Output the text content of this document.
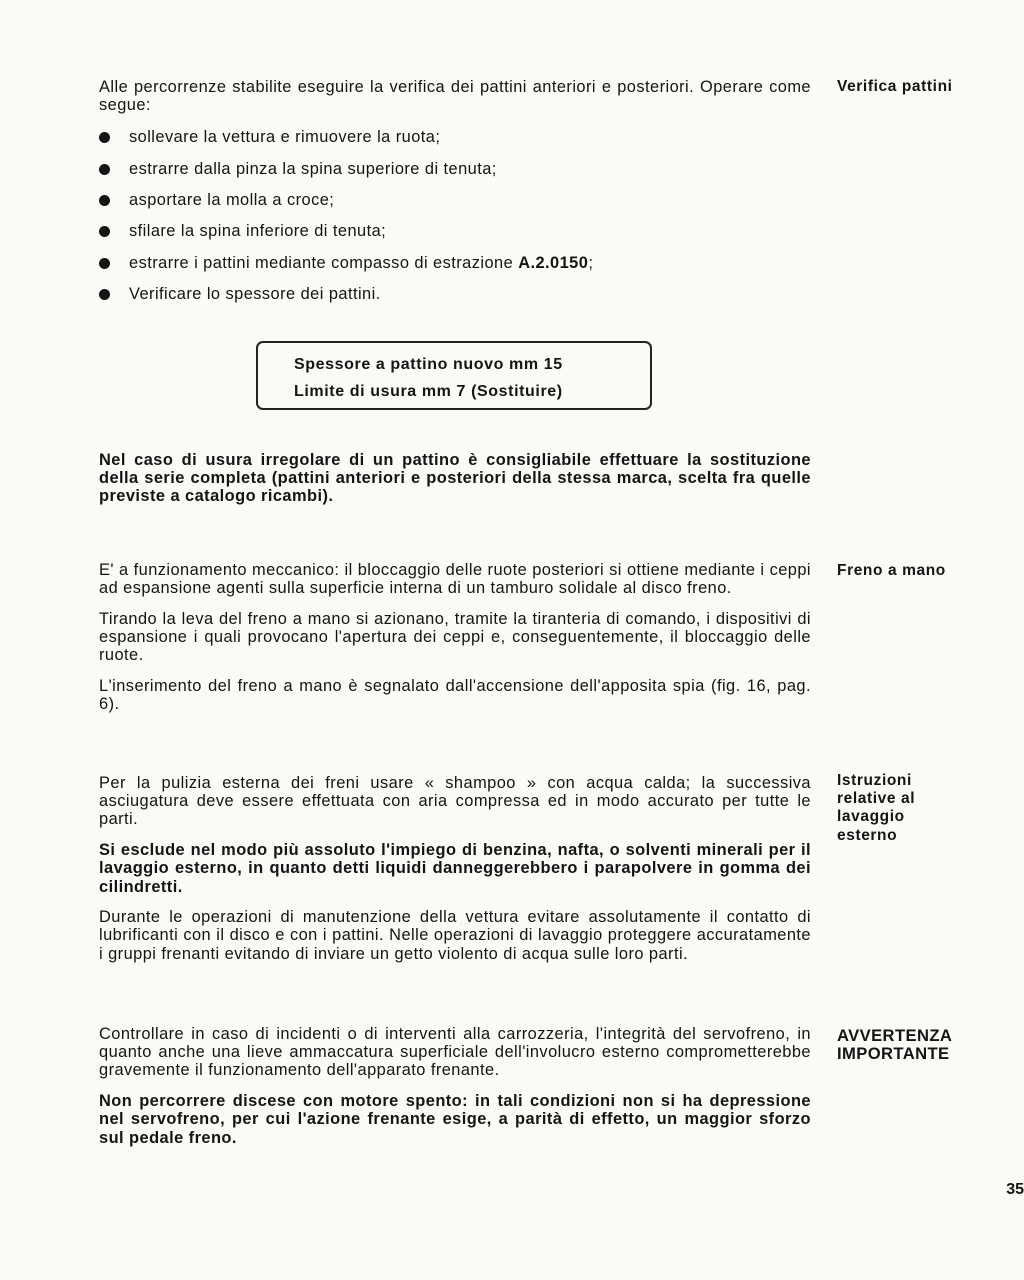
Alle percorrenze stabilite eseguire la verifica dei pattini anteriori e posteriori. Operare come segue:

sollevare la vettura e rimuovere la ruota;
estrarre dalla pinza la spina superiore di tenuta;
asportare la molla a croce;
sfilare la spina inferiore di tenuta;
estrarre i pattini mediante compasso di estrazione A.2.0150;
Verificare lo spessore dei pattini.
Verifica pattini
Spessore a pattino nuovo mm 15
Limite di usura mm 7 (Sostituire)

Nel caso di usura irregolare di un pattino è consigliabile effettuare la sostituzione della serie completa (pattini anteriori e posteriori della stessa marca, scelta fra quelle previste a catalogo ricambi).

E' a funzionamento meccanico: il bloccaggio delle ruote posteriori si ottiene mediante i ceppi ad espansione agenti sulla superficie interna di un tamburo solidale al disco freno.

Tirando la leva del freno a mano si azionano, tramite la tiranteria di comando, i dispositivi di espansione i quali provocano l'apertura dei ceppi e, conseguentemente, il bloccaggio delle ruote.

L'inserimento del freno a mano è segnalato dall'accensione dell'apposita spia (fig. 16, pag. 6).

Freno a mano

Per la pulizia esterna dei freni usare « shampoo » con acqua calda; la successiva asciugatura deve essere effettuata con aria compressa ed in modo accurato per tutte le parti.

Si esclude nel modo più assoluto l'impiego di benzina, nafta, o solventi minerali per il lavaggio esterno, in quanto detti liquidi danneggerebbero i parapolvere in gomma dei cilindretti.

Durante le operazioni di manutenzione della vettura evitare assolutamente il contatto di lubrificanti con il disco e con i pattini. Nelle operazioni di lavaggio proteggere accuratamente i gruppi frenanti evitando di inviare un getto violento di acqua sulle loro parti.

Istruzioni relative al lavaggio esterno

Controllare in caso di incidenti o di interventi alla carrozzeria, l'integrità del servofreno, in quanto anche una lieve ammaccatura superficiale dell'involucro esterno comprometterebbe gravemente il funzionamento dell'apparato frenante.

Non percorrere discese con motore spento: in tali condizioni non si ha depressione nel servofreno, per cui l'azione frenante esige, a parità di effetto, un maggior sforzo sul pedale freno.

AVVERTENZA IMPORTANTE
35
